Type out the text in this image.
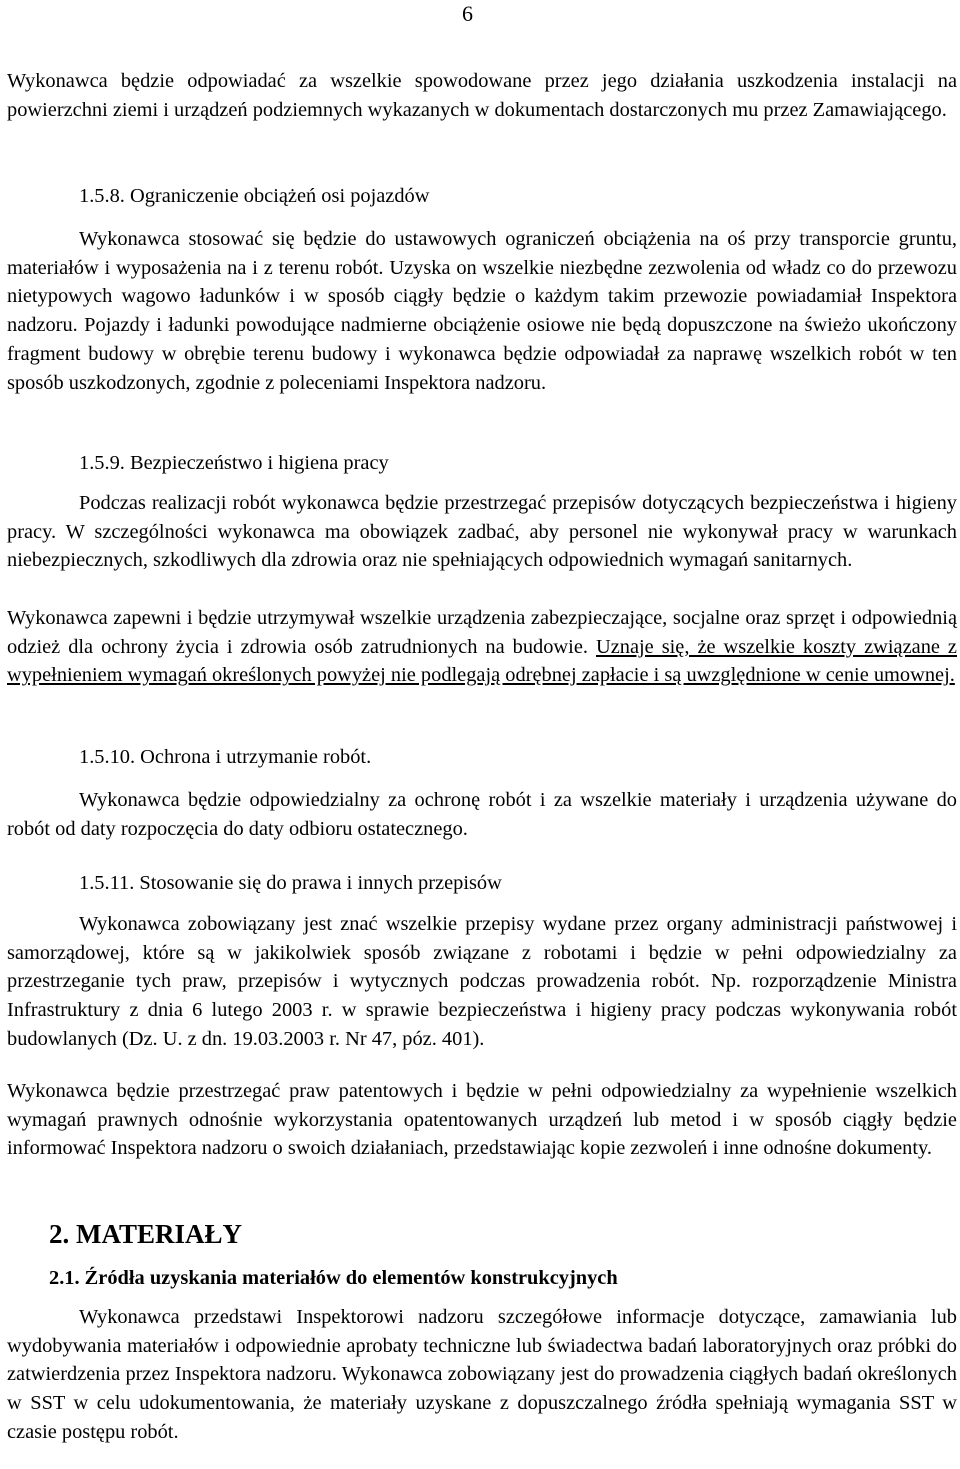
6

Wykonawca będzie odpowiadać za wszelkie spowodowane przez jego działania uszkodzenia instalacji na powierzchni ziemi i urządzeń podziemnych wykazanych w dokumentach dostarczonych mu przez Zamawiającego.

1.5.8. Ograniczenie obciążeń osi pojazdów

Wykonawca stosować się będzie do ustawowych ograniczeń obciążenia na oś przy transporcie gruntu, materiałów i wyposażenia na i z terenu robót. Uzyska on wszelkie niezbędne zezwolenia od władz co do przewozu nietypowych wagowo ładunków i w sposób ciągły będzie o każdym takim przewozie powiadamiał Inspektora nadzoru. Pojazdy i ładunki powodujące nadmierne obciążenie osiowe nie będą dopuszczone na świeżo ukończony fragment budowy w obrębie terenu budowy i wykonawca będzie odpowiadał za naprawę wszelkich robót w ten sposób uszkodzonych, zgodnie z poleceniami Inspektora nadzoru.

1.5.9. Bezpieczeństwo i higiena pracy

Podczas realizacji robót wykonawca będzie przestrzegać przepisów dotyczących bezpieczeństwa i higieny pracy. W szczególności wykonawca ma obowiązek zadbać, aby personel nie wykonywał pracy w warunkach niebezpiecznych, szkodliwych dla zdrowia oraz nie spełniających odpowiednich wymagań sanitarnych.

Wykonawca zapewni i będzie utrzymywał wszelkie urządzenia zabezpieczające, socjalne oraz sprzęt i odpowiednią odzież dla ochrony życia i zdrowia osób zatrudnionych na budowie. Uznaje się, że wszelkie koszty związane z wypełnieniem wymagań określonych powyżej nie podlegają odrębnej zapłacie i są uwzględnione w cenie umownej.

1.5.10. Ochrona i utrzymanie robót.

Wykonawca będzie odpowiedzialny za ochronę robót i za wszelkie materiały i urządzenia używane do robót od daty rozpoczęcia do daty odbioru ostatecznego.

1.5.11. Stosowanie się do prawa i innych przepisów

Wykonawca zobowiązany jest znać wszelkie przepisy wydane przez organy administracji państwowej i samorządowej, które są w jakikolwiek sposób związane z robotami i będzie w pełni odpowiedzialny za przestrzeganie tych praw, przepisów i wytycznych podczas prowadzenia robót. Np. rozporządzenie Ministra Infrastruktury z dnia 6 lutego 2003 r. w sprawie bezpieczeństwa i higieny pracy podczas wykonywania robót budowlanych (Dz. U. z dn. 19.03.2003 r. Nr 47, póz. 401).

Wykonawca będzie przestrzegać praw patentowych i będzie w pełni odpowiedzialny za wypełnienie wszelkich wymagań prawnych odnośnie wykorzystania opatentowanych urządzeń lub metod i w sposób ciągły będzie informować Inspektora nadzoru o swoich działaniach, przedstawiając kopie zezwoleń i inne odnośne dokumenty.

2. MATERIAŁY

2.1. Źródła uzyskania materiałów do elementów konstrukcyjnych

Wykonawca przedstawi Inspektorowi nadzoru szczegółowe informacje dotyczące, zamawiania lub wydobywania materiałów i odpowiednie aprobaty techniczne lub świadectwa badań laboratoryjnych oraz próbki do zatwierdzenia przez Inspektora nadzoru. Wykonawca zobowiązany jest do prowadzenia ciągłych badań określonych w SST w celu udokumentowania, że materiały uzyskane z dopuszczalnego źródła spełniają wymagania SST w czasie postępu robót.
